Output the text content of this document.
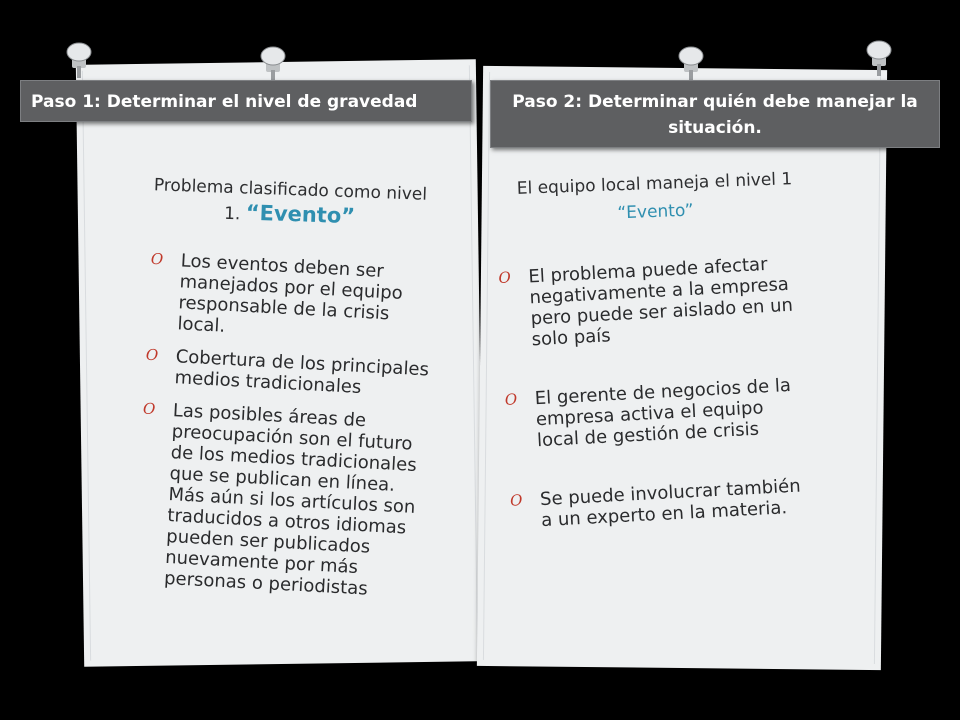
Paso 1: Determinar el nivel de gravedad	Paso 2: Determinar quién debe manejar la situación.
Problema clasificado como nivel 1. “Evento”
El equipo local maneja el nivel 1
“Evento”
O Los eventos deben ser manejados por el equipo responsable de la crisis local.
O Cobertura de los principales medios tradicionales
O Las posibles áreas de preocupación son el futuro de los medios tradicionales que se publican en línea. Más aún si los artículos son traducidos a otros idiomas pueden ser publicados nuevamente por más personas o periodistas
O El problema puede afectar negativamente a la empresa pero puede ser aislado en un solo país
O El gerente de negocios de la empresa activa el equipo local de gestión de crisis
O Se puede involucrar también a un experto en la materia.
